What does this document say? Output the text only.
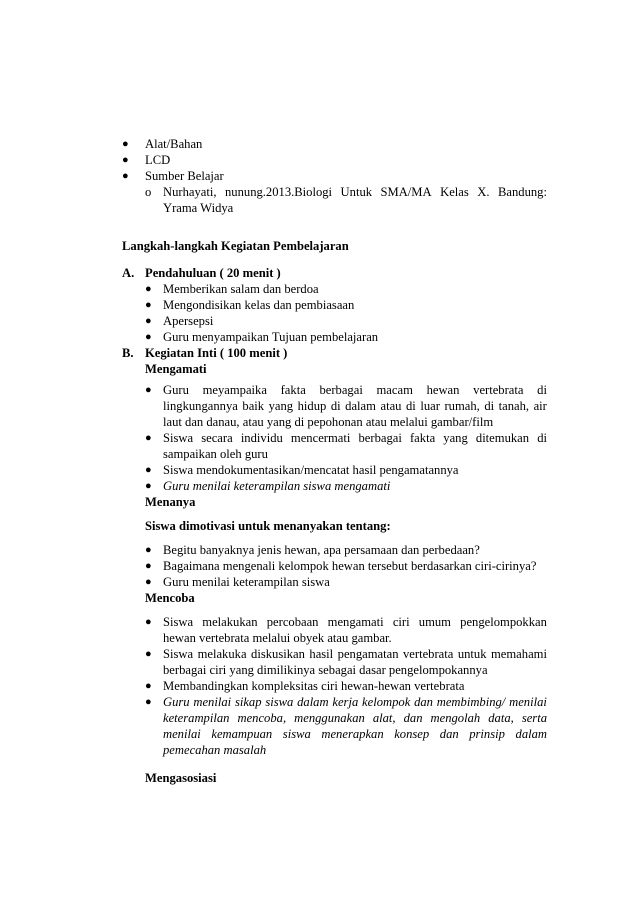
● Alat/Bahan
● LCD
● Sumber Belajar
o Nurhayati, nunung.2013.Biologi Untuk SMA/MA Kelas X. Bandung:
Yrama Widya
Langkah-langkah Kegiatan Pembelajaran
A. Pendahuluan ( 20 menit )
● Memberikan salam dan berdoa
● Mengondisikan kelas dan pembiasaan
● Apersepsi
● Guru menyampaikan Tujuan pembelajaran
B. Kegiatan Inti ( 100 menit )
Mengamati
● Guru meyampaika fakta berbagai macam hewan vertebrata di
lingkungannya baik yang hidup di dalam atau di luar rumah, di tanah, air
laut dan danau, atau yang di pepohonan atau melalui gambar/film
● Siswa secara individu mencermati berbagai fakta yang ditemukan di
sampaikan oleh guru
● Siswa mendokumentasikan/mencatat hasil pengamatannya
● Guru menilai keterampilan siswa mengamati
Menanya
Siswa dimotivasi untuk menanyakan tentang:
● Begitu banyaknya jenis hewan, apa persamaan dan perbedaan?
● Bagaimana mengenali kelompok hewan tersebut berdasarkan ciri-cirinya?
● Guru menilai keterampilan siswa
Mencoba
● Siswa melakukan percobaan mengamati ciri umum pengelompokkan
hewan vertebrata melalui obyek atau gambar.
● Siswa melakuka diskusikan hasil pengamatan vertebrata untuk memahami
berbagai ciri yang dimilikinya sebagai dasar pengelompokannya
● Membandingkan kompleksitas ciri hewan-hewan vertebrata
● Guru menilai sikap siswa dalam kerja kelompok dan membimbing/ menilai
keterampilan mencoba, menggunakan alat, dan mengolah data, serta
menilai kemampuan siswa menerapkan konsep dan prinsip dalam
pemecahan masalah
Mengasosiasi
